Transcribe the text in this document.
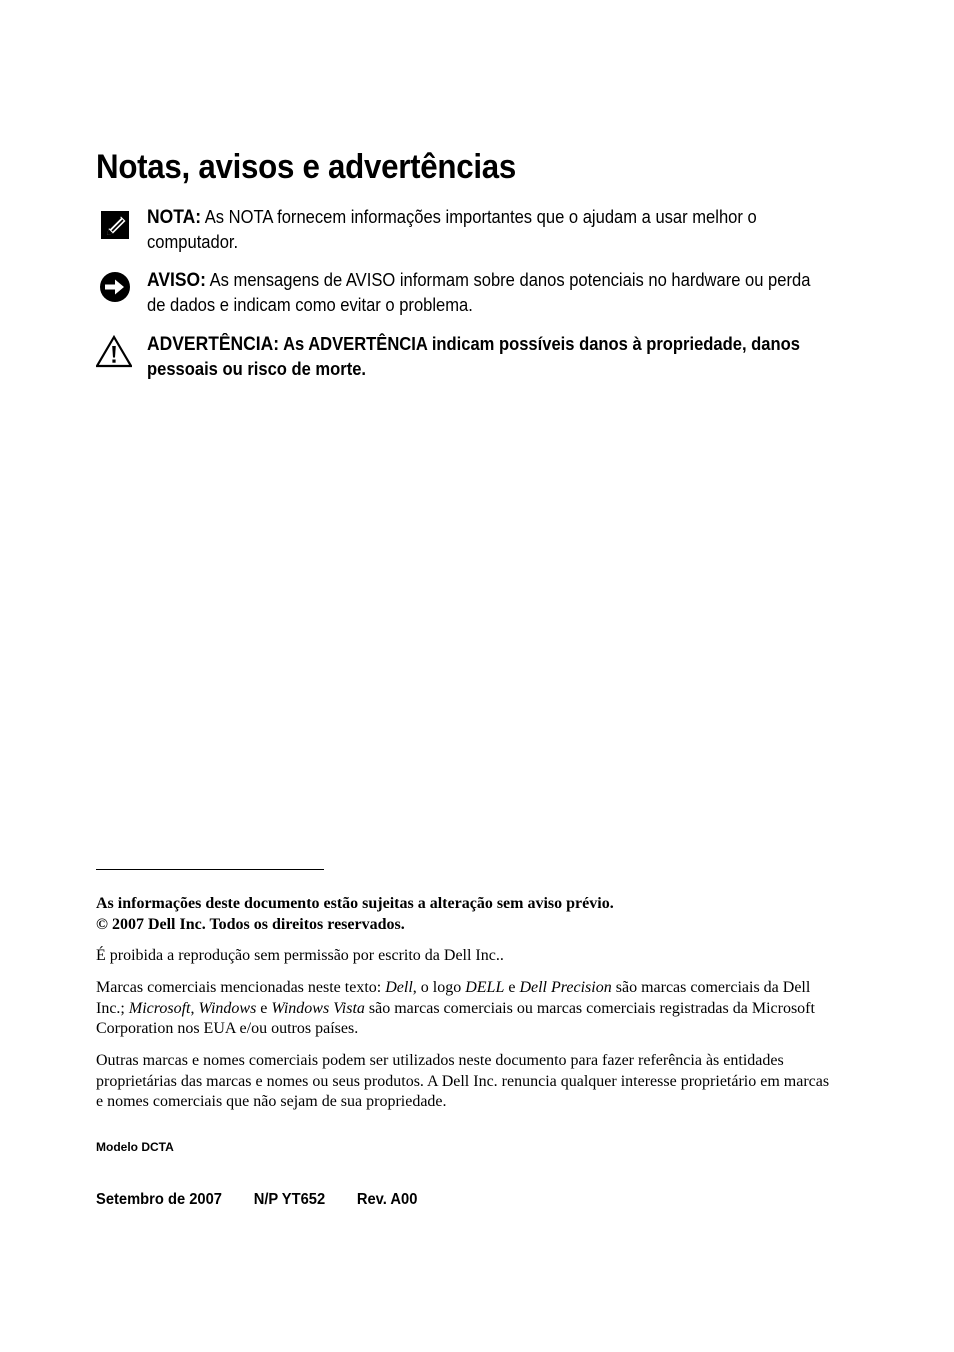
Notas, avisos e advertências
NOTA: As NOTA fornecem informações importantes que o ajudam a usar melhor o computador.
AVISO: As mensagens de AVISO informam sobre danos potenciais no hardware ou perda de dados e indicam como evitar o problema.
ADVERTÊNCIA: As ADVERTÊNCIA indicam possíveis danos à propriedade, danos pessoais ou risco de morte.

As informações deste documento estão sujeitas a alteração sem aviso prévio.

© 2007 Dell Inc. Todos os direitos reservados.

É proibida a reprodução sem permissão por escrito da Dell Inc..

Marcas comerciais mencionadas neste texto: Dell, o logo DELL e Dell Precision são marcas comerciais da Dell Inc.; Microsoft, Windows e Windows Vista são marcas comerciais ou marcas comerciais registradas da Microsoft Corporation nos EUA e/ou outros países.

Outras marcas e nomes comerciais podem ser utilizados neste documento para fazer referência às entidades proprietárias das marcas e nomes ou seus produtos. A Dell Inc. renuncia qualquer interesse proprietário em marcas e nomes comerciais que não sejam de sua propriedade.

Modelo DCTA
Setembro de 2007 N/P YT652 Rev. A00
